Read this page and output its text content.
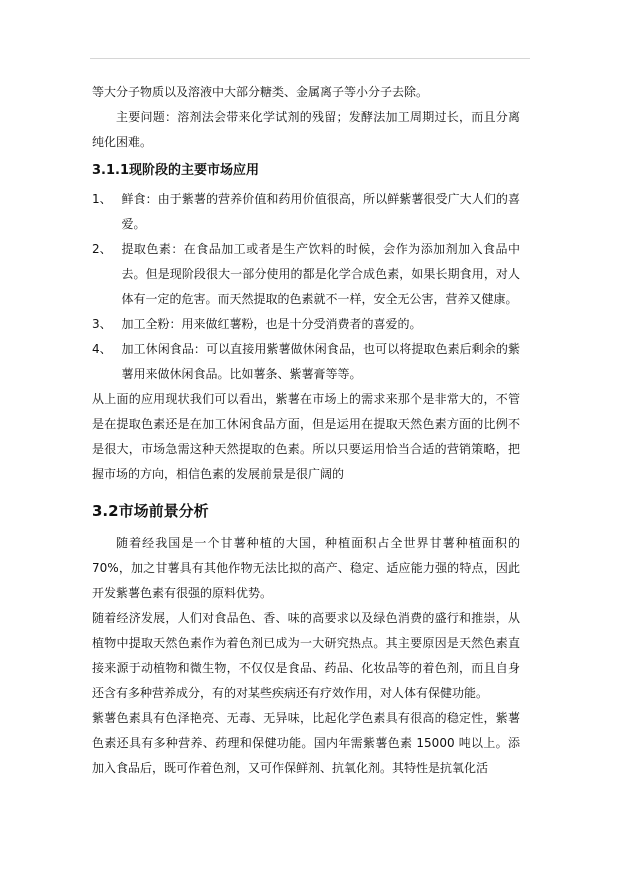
等大分子物质以及溶液中大部分糖类、金属离子等小分子去除。

主要问题：溶剂法会带来化学试剂的残留；发酵法加工周期过长，而且分离纯化困难。

3.1.1现阶段的主要市场应用
1、
鲜食：由于紫薯的营养价值和药用价值很高，所以鲜紫薯很受广大人们的喜爱。
2、
提取色素：在食品加工或者是生产饮料的时候，会作为添加剂加入食品中去。但是现阶段很大一部分使用的都是化学合成色素，如果长期食用，对人体有一定的危害。而天然提取的色素就不一样，安全无公害，营养又健康。
3、
加工全粉：用来做红薯粉，也是十分受消费者的喜爱的。
4、
加工休闲食品：可以直接用紫薯做休闲食品，也可以将提取色素后剩余的紫薯用来做休闲食品。比如薯条、紫薯膏等等。

从上面的应用现状我们可以看出，紫薯在市场上的需求来那个是非常大的，不管是在提取色素还是在加工休闲食品方面，但是运用在提取天然色素方面的比例不是很大，市场急需这种天然提取的色素。所以只要运用恰当合适的营销策略，把握市场的方向，相信色素的发展前景是很广阔的

3.2市场前景分析

随着经我国是一个甘薯种植的大国，种植面积占全世界甘薯种植面积的70%，加之甘薯具有其他作物无法比拟的高产、稳定、适应能力强的特点，因此开发紫薯色素有很强的原料优势。

随着经济发展，人们对食品色、香、味的高要求以及绿色消费的盛行和推崇，从植物中提取天然色素作为着色剂已成为一大研究热点。其主要原因是天然色素直接来源于动植物和微生物，不仅仅是食品、药品、化妆品等的着色剂，而且自身还含有多种营养成分，有的对某些疾病还有疗效作用，对人体有保健功能。

紫薯色素具有色泽艳亮、无毒、无异味，比起化学色素具有很高的稳定性，紫薯色素还具有多种营养、药理和保健功能。国内年需紫薯色素 15000 吨以上。添加入食品后，既可作着色剂，又可作保鲜剂、抗氧化剂。其特性是抗氧化活
